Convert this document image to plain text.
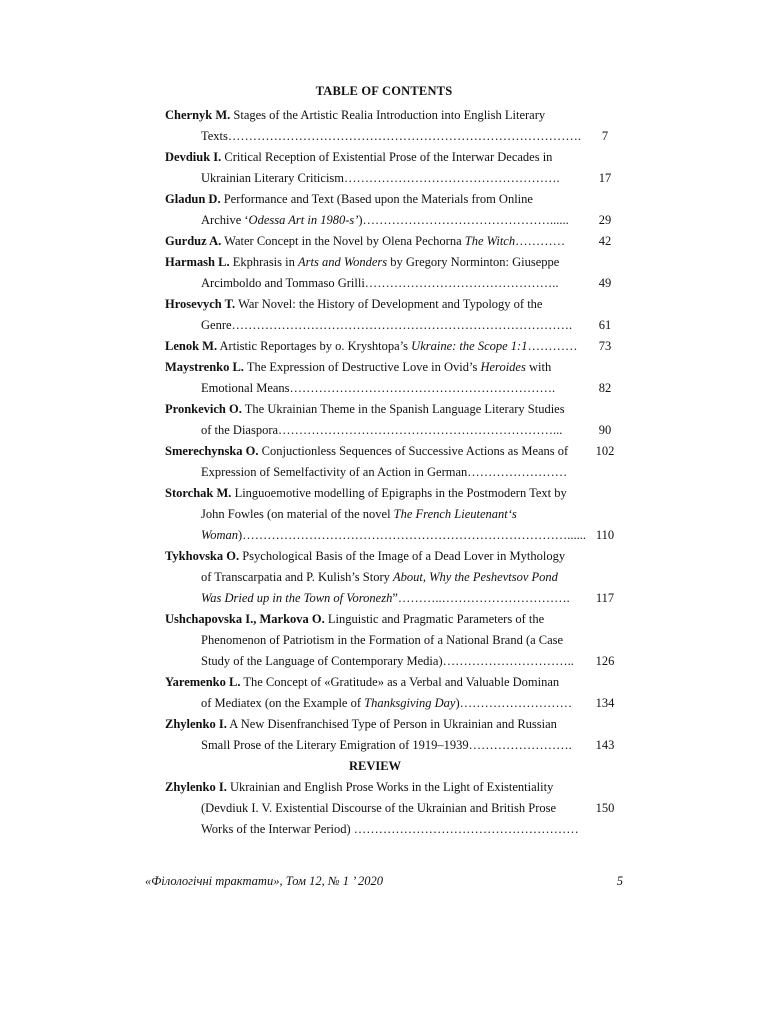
TABLE OF CONTENTS
Chernyk M. Stages of the Artistic Realia Introduction into English Literary
Texts………………………………………………………………………….	7
Devdiuk I. Critical Reception of Existential Prose of the Interwar Decades in
Ukrainian Literary Criticism…………………………………………….	17
Gladun D. Performance and Text (Based upon the Materials from Online
Archive ‘Odessa Art in 1980-s’)………………………………………......	29
Gurduz A. Water Concept in the Novel by Olena Pechorna The Witch…………	42
Harmash L. Ekphrasis in Arts and Wonders by Gregory Norminton: Giuseppe
Arcimboldo and Tommaso Grilli………………………………………..	49
Hrosevych T. War Novel: the History of Development and Typology of the
Genre……………………………………………………………………….	61
Lenok M. Artistic Reportages by o. Kryshtopa’s Ukraine: the Scope 1:1…………	73
Maystrenko L. The Expression of Destructive Love in Ovid’s Heroides with
Emotional Means……………………………………………………….	82
Pronkevich O. The Ukrainian Theme in the Spanish Language Literary Studies
of the Diaspora…………………………………………………………...	90
Smerechynska O. Conjuctionless Sequences of Successive Actions as Means of	102
Expression of Semelfactivity of an Action in German……………………
Storchak M. Linguoemotive modelling of Epigraphs in the Postmodern Text by
John Fowles (on material of the novel The French Lieutenant‘s
Woman)……………………………………………………………………...... 110
Tykhovska O. Psychological Basis of the Image of a Dead Lover in Mythology
of Transcarpatia and P. Kulish’s Story About, Why the Peshevtsov Pond
Was Dried up in the Town of Voronezh”………..………………………….	117
Ushchapovska I., Markova O. Linguistic and Pragmatic Parameters of the
Phenomenon of Patriotism in the Formation of a National Brand (a Case
Study of the Language of Contemporary Media)…………………………..	126
Yaremenko L. The Concept of «Gratitude» as a Verbal and Valuable Dominan
of Mediatex (on the Example of Thanksgiving Day)………………………	134
Zhylenko I. A New Disenfranchised Type of Person in Ukrainian and Russian
Small Prose of the Literary Emigration of 1919–1939…………………….	143
REVIEW
Zhylenko I. Ukrainian and English Prose Works in the Light of Existentiality
(Devdiuk I. V. Existential Discourse of the Ukrainian and British Prose	150
Works of the Interwar Period) ………………………………………………
«Філологічні трактати», Том 12, № 1 ’ 2020	5
